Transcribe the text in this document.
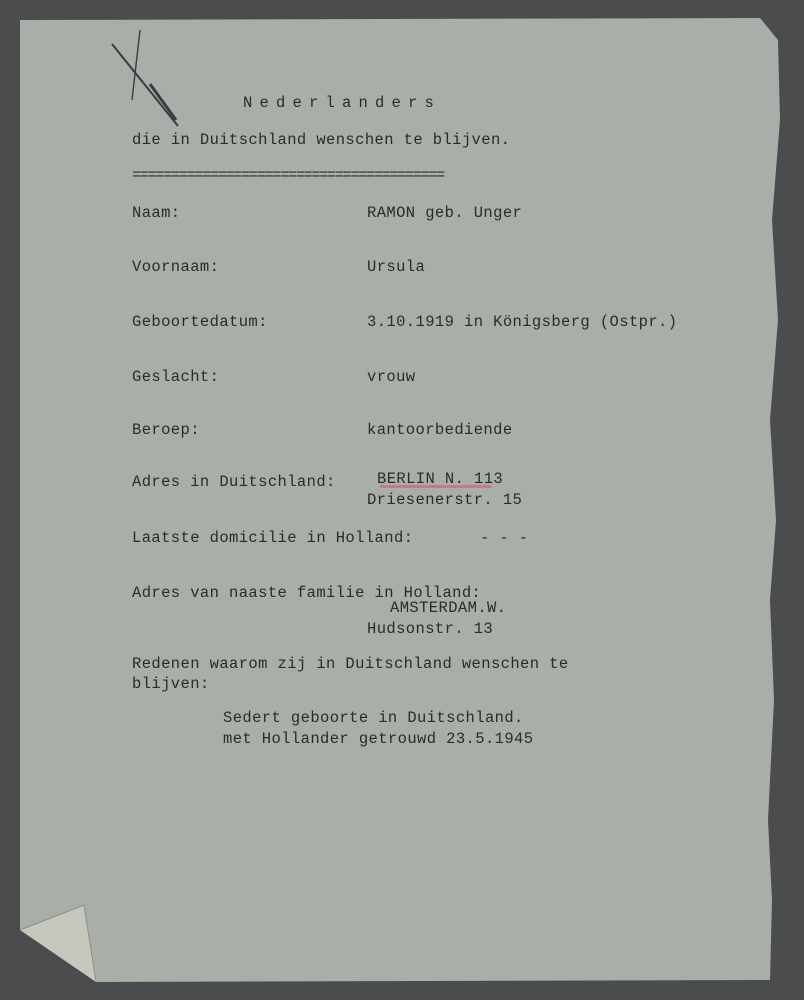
Nederlanders
die in Duitschland wenschen te blijven.
========================================
Naam:	RAMON geb. Unger
Voornaam:	Ursula
Geboortedatum:	3.10.1919 in Königsberg (Ostpr.)
Geslacht:	vrouw
Beroep:	kantoorbediende
Adres in Duitschland:	BERLIN N. 113
Driesenerstr. 15
Laatste domicilie in Holland:	- - -
Adres van naaste familie in Holland:
AMSTERDAM.W.
Hudsonstr. 13
Redenen waarom zij in Duitschland wenschen te
blijven:
Sedert geboorte in Duitschland.
met Hollander getrouwd 23.5.1945
